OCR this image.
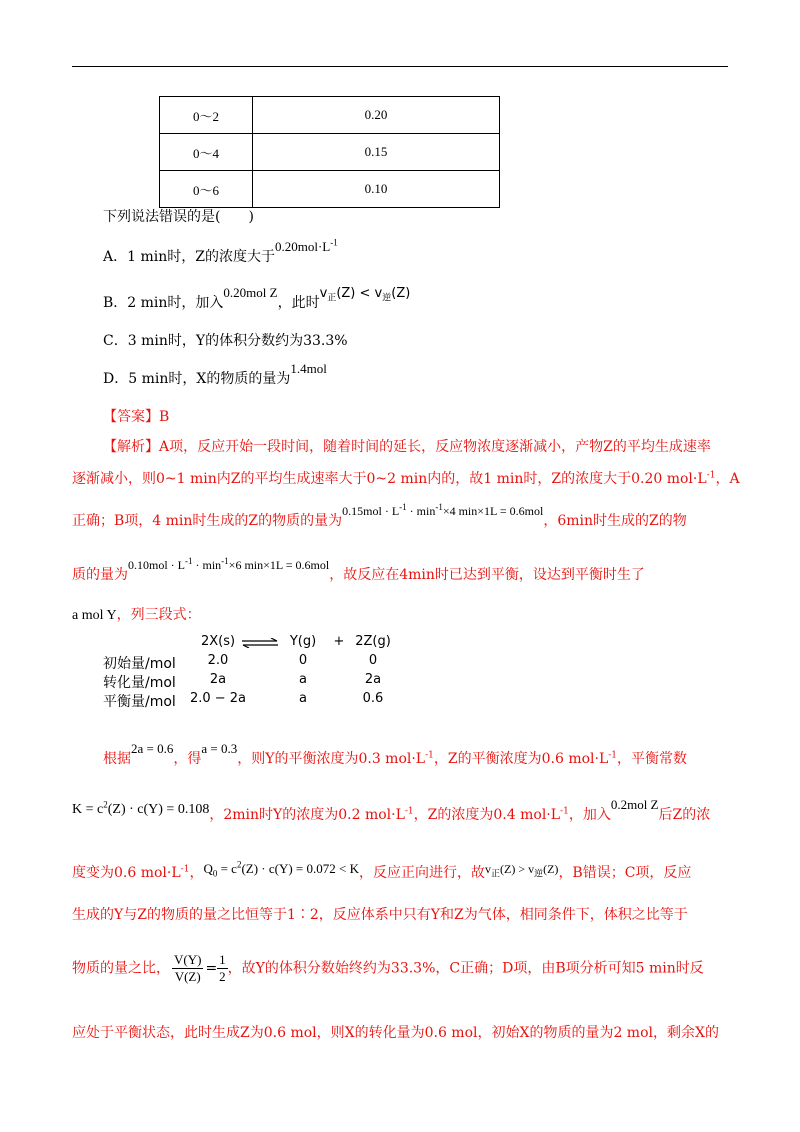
0～2	0.20
0～4	0.15
0～6	0.10
下列说法错误的是(　　)
A．1 min时，Z的浓度大于$0.20mol\cdot L^{-1}$
B．2 min时，加入0.20mol Z，此时$v_正(Z) < v_逆(Z)$
C．3 min时，Y的体积分数约为33.3%
D．5 min时，X的物质的量为1.4mol
【答案】B
【解析】A项，反应开始一段时间，随着时间的延长，反应物浓度逐渐减小，产物Z的平均生成速率
逐渐减小，则0~1 min内Z的平均生成速率大于0~2 min内的，故1 min时，Z的浓度大于0.20 $mol\cdot L^{-1}$，A
正确；B项，4 min时生成的Z的物质的量为$0.15mol \cdot L^{-1} \cdot \min^{-1}\times 4$ min×1L = 0.6mol，6min时生成的Z的物
质的量为$0.10mol \cdot L^{-1} \cdot \min^{-1}\times 6$ min×1L = 0.6mol，故反应在4min时已达到平衡，设达到平衡时生了
a mol Y，列三段式：
2X(s) ⇌ Y(g)	+ 2Z(g)
初始量/mol	2.0	0	0
转化量/mol	2a	a	2a
平衡量/mol	2.0 − 2a	a	0.6
根据2a = 0.6，得a = 0.3，则Y的平衡浓度为0.3 $mol\cdot L^{-1}$，Z的平衡浓度为0.6 $mol\cdot L^{-1}$，平衡常数
$K = c^2(Z) \cdot c(Y) = 0.108$，2min时Y的浓度为0.2 $mol\cdot L^{-1}$，Z的浓度为0.4 $mol\cdot L^{-1}$，加入0.2mol Z后Z的浓
度变为0.6 $mol\cdot L^{-1}$，$Q_0 = c^2(Z) \cdot c(Y) = 0.072 < K$，反应正向进行，故$v_正(Z) > v_逆(Z)$，B错误；C项，反应
生成的Y与Z的物质的量之比恒等于1∶2，反应体系中只有Y和Z为气体，相同条件下，体积之比等于
物质的量之比， $\frac{V(Y)}{V(Z)} = \frac{1}{2}$ ，故Y的体积分数始终约为33.3%，C正确；D项，由B项分析可知5 min时反
应处于平衡状态，此时生成Z为0.6 mol，则X的转化量为0.6 mol，初始X的物质的量为2 mol，剩余X的
